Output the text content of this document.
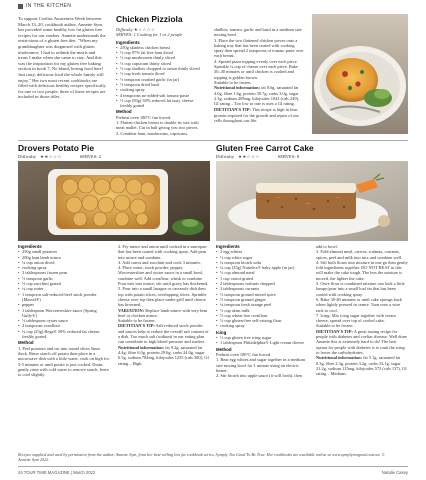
IN THE KITCHEN
To support Coeliac Awareness Week between March 13–20, cookbook author, Annette Sym, has provided some healthy low fat gluten free recipes for our readers. Annette understands the restrictions of a gluten free diet. "When my granddaughter was diagnosed with gluten intolerance, I had to rethink the meals and treats I make when she came to stay. And this was the inspiration for my gluten free baking section in book 7, No bland, boring food here! Just tasty, delicious food the whole family will enjoy." Her two most recent cookbooks are filled with delicious healthy recipes specifically for one or two people, three of these recipes are included in those titles.
Chicken Pizziola
Difficulty ★☆☆☆☆
SERVES: 1 Cooking for 1 or 2 people
Ingredients
• 250g skinless chicken breast
• ½ cup 97% fat free ham diced
• ½ cup mushrooms thinly sliced
• ½ cup capsicum thinly sliced
• ½ cup shallots chopped or onion thinly sliced
• ½ cup fresh tomato diced
• ½ teaspoon crushed garlic (in jar)
• ½ teaspoon dried basil
• cooking spray
• 4 teaspoons no-added-salt tomato paste
• ½ cup (50g) 30% reduced fat tasty cheese freshly grated
Method
Preheat oven 180°C fan forced.
1. Flatten chicken breast to double its size with meat mallet. Cut in half giving you two pieces.
2. Combine ham, mushrooms, capsicum,
shallots, tomato, garlic and basil in a medium size mixing bowl.
3. Place the two flattened chicken pieces onto a baking tray that has been coated with cooking spray then spread 2 teaspoons of tomato paste over each breast.
4. Spread pizza topping evenly over each piece. Sprinkle ¼ cup of cheese over each piece. Bake 30–40 minutes or until chicken is cooked and topping is golden brown.
Suitable to be frozen.
Nutritional information: fat 8.6g, saturated fat 4.0g, fibre 1.6g, protein 39.7g, carbs 3.0g, sugar 2.3g, sodium 209mg, kilojoules 1042 (cals 249), GI rating – Too low to rate is uses a GI rating.
DIETITIAN'S TIP: This recipe is high in lean protein required for the growth and repair of our cells throughout our life.
Drovers Potato Pie
Difficulty ★★☆☆☆	SERVES: 2
Ingredients
• 250g small potatoes
• 200g lean lamb mince
• ¼ cup onion diced
• cooking spray
• 3 tablespoons frozen peas
• ½ teaspoon garlic
• ½ cup zucchini grated
• ¼ cup water
• 1 teaspoon salt-reduced beef stock powder (Massel®)
• pepper
• 1 tablespoon Worcestershire sauce (Spring Gully®)
• ½ tablespoon oyster sauce
• 4 teaspoons cornflour
• ¼ cup (25g) Bega® 50% reduced fat cheese freshly grated
Method
1. Peel potatoes and cut into round slices 5mm thick. Rinse starch off potato then place in a microwave dish with a little water, cook on high for 3-5 minutes or until potato is just cooked. Drain, gently rinse with cold water to remove starch, leave to cool slightly.
2. Fry mince and onion until cooked in a saucepan that has been coated with cooking spray. Add peas into mince and combine.
3. Add carrot and zucchini and cook 3 minutes.
4. Place water, stock powder, pepper, Worcestershire and oyster sauce in a small bowl, combine well. Add cornflour, whisk to combine. Pour mix into mince, stir until gravy has thickened.
5. Pour into a small lasagne or casserole dish then top with potato slices, overlapping slices. Sprinkle cheese over top then place under grill until cheese has browned.
VARIATION: Replace lamb mince with very lean beef or chicken mince.
Suitable to be frozen.
DIETITIAN'S TIP: Salt-reduced stock powder and sauces help to reduce the overall salt content of a dish. Too much salt (sodium) in our eating plan can contribute to high blood pressure and strokes.
Nutritional information: fat 9.2g, saturated fat 4.4g, fibre 6.0g, protein 29.6g, carbs 24.0g, sugar 6.5g, sodium 784mg, kilojoules 1255 (cals 300), GI rating – High.
Gluten Free Carrot Cake
Difficulty ★★☆☆☆	SERVES: 8
Ingredients
• 2 egg whites
• ½ cup white sugar
• ¼ teaspoon bicarb soda
• ¼ cup (35g) Nuttelex® baby apple (in jar)
• ½ cup almond meal
• 1 cup carrot grated
• 2 tablespoons walnuts chopped
• 3 tablespoons currants
• ½ teaspoon ground mixed spice
• ½ teaspoon ground ginger
• ¼ teaspoon fresh orange peel
• ½ cup skim milk
• ½ cup wheat free cornflour
• ½ cup gluten-free self-raising flour
• cooking spray
Icing
• ½ cup gluten free icing sugar
• 1 tablespoon Philadelphia® Light cream cheese
Method
Preheat oven 180°C fan forced.
1. Beat egg whites and sugar together in a medium size mixing bowl for 1 minute using an electric beater.
2. Stir bicarb into apple sauce (it will froth), then
add to bowl.
3. Fold almond meal, carrots, walnuts, currants, spices, peel and milk into mix and combine well.
4. Sift both flours into mixture in one go then gently fold ingredients together. DO NOT BEAT as this will make the cake tough. The less the mixture is moved, the lighter the cake.
5. Once flour is combined mixture can look a little lumpy/pour into a small loaf tin that has been coated with cooking spray.
6. Bake 30-40 minutes or until cake springs back when lightly pressed in centre. Turn onto a wire rack to cool.
7. Icing: Mix icing sugar together with cream cheese, spread over top of cooled cake.
Suitable to be frozen.
DIETITIAN'S TIP: A great tasting recipe for people with diabetes and coeliac disease. Well done Annette this is extremely hard to do! The best option for people with diabetes is to omit the icing to lower the carbohydrates.
Nutritional information: fat 5.1g, saturated fat 0.3g, fibre 2.3g, protein 3.2g, carbs 33.1g, sugar 21.2g, sodium 115mg, kilojoules 572 (cals 137), GI rating – Medium.
Recipes supplied and used by permission from the author, Annette Sym, from her best-selling low fat cookbook series, Symply Too Good To Be True. Her cookbooks are available online at www.symplytoogood.com.au. © Annette Sym 2022.
24 TOUR TIME MAGAZINE | March 2022	Natalie Casey
